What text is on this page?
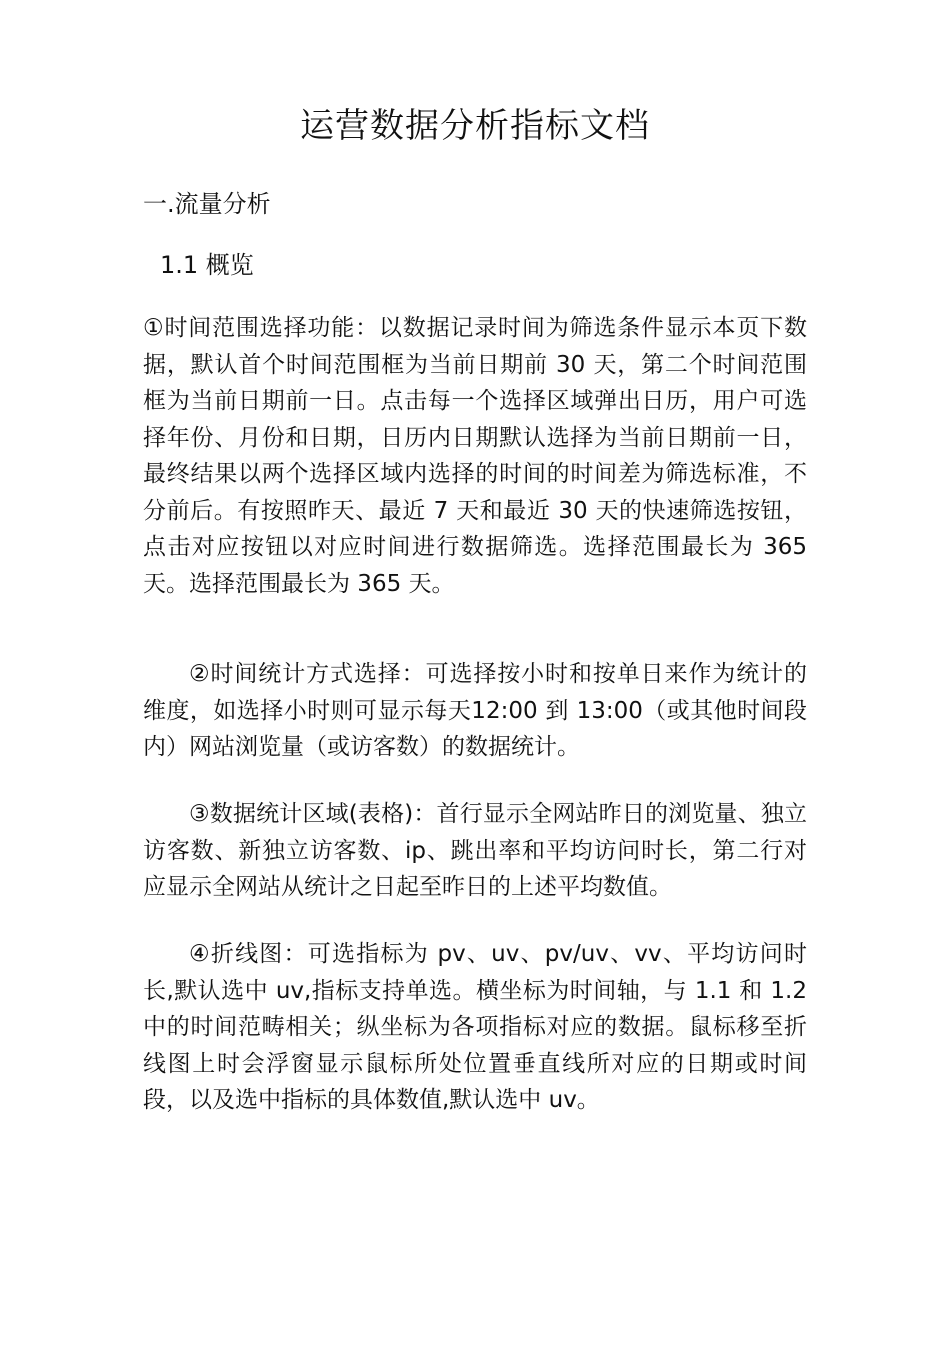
运营数据分析指标文档
一.流量分析
1.1 概览

①时间范围选择功能：以数据记录时间为筛选条件显示本页下数据，默认首个时间范围框为当前日期前 30 天，第二个时间范围框为当前日期前一日。点击每一个选择区域弹出日历，用户可选择年份、月份和日期，日历内日期默认选择为当前日期前一日，最终结果以两个选择区域内选择的时间的时间差为筛选标准，不分前后。有按照昨天、最近 7 天和最近 30 天的快速筛选按钮，点击对应按钮以对应时间进行数据筛选。选择范围最长为 365 天。选择范围最长为 365 天。

②时间统计方式选择：可选择按小时和按单日来作为统计的维度，如选择小时则可显示每天12:00 到 13:00（或其他时间段内）网站浏览量（或访客数）的数据统计。

③数据统计区域(表格)：首行显示全网站昨日的浏览量、独立访客数、新独立访客数、ip、跳出率和平均访问时长，第二行对应显示全网站从统计之日起至昨日的上述平均数值。

④折线图：可选指标为 pv、uv、pv/uv、vv、平均访问时长,默认选中 uv,指标支持单选。横坐标为时间轴，与 1.1 和 1.2中的时间范畴相关；纵坐标为各项指标对应的数据。鼠标移至折线图上时会浮窗显示鼠标所处位置垂直线所对应的日期或时间段，以及选中指标的具体数值,默认选中 uv。
